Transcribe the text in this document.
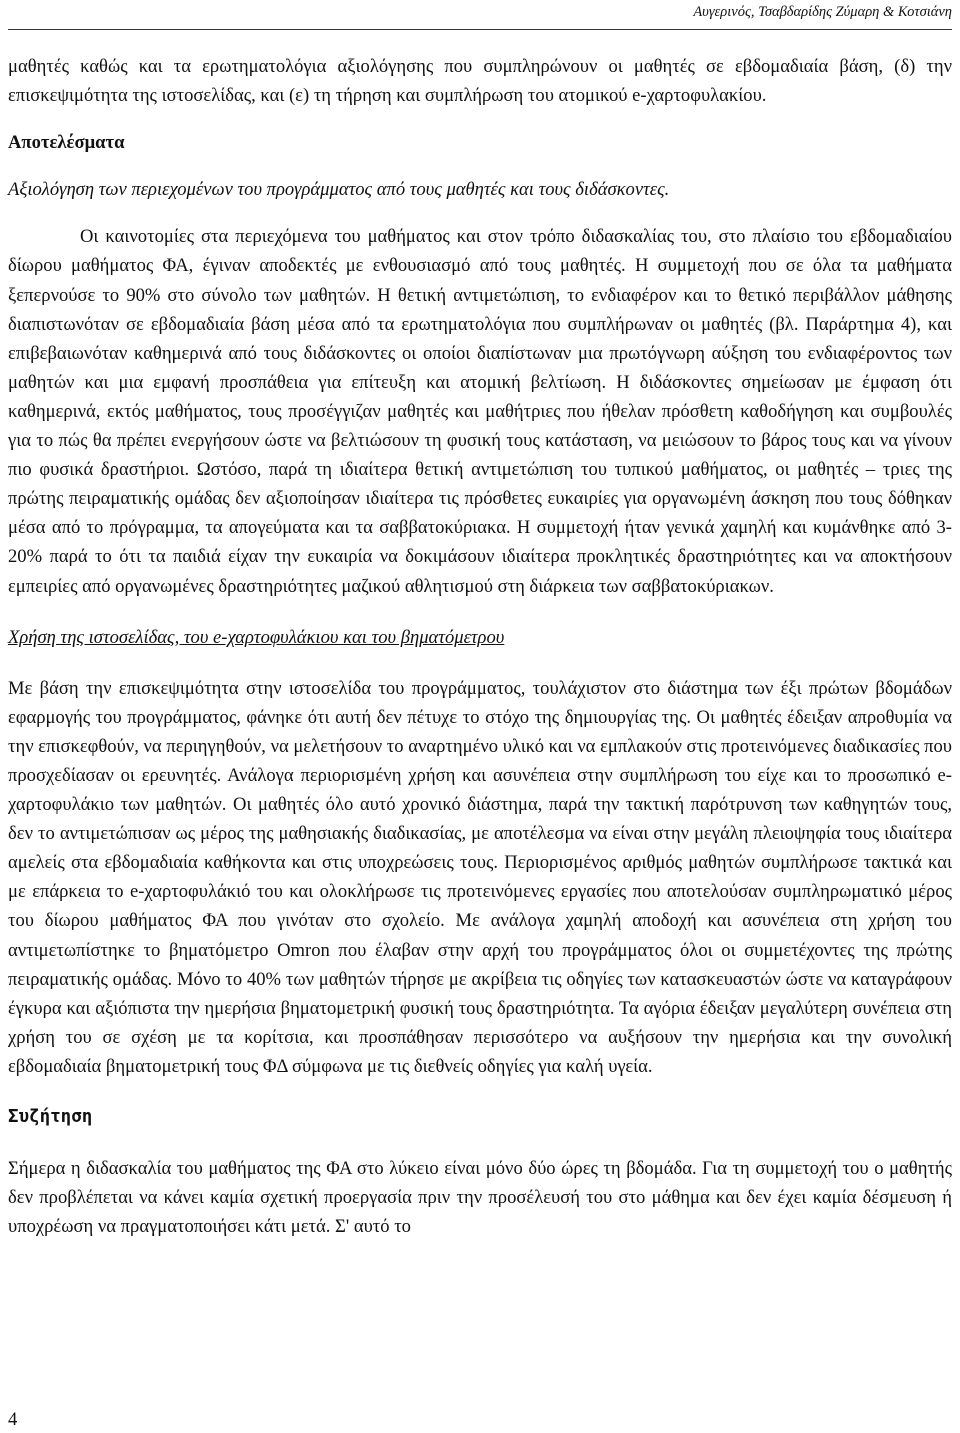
Αυγερινός, Τσαβδαρίδης Ζύμαρη & Κοτσιάνη

μαθητές καθώς και τα ερωτηματολόγια αξιολόγησης που συμπληρώνουν οι μαθητές σε εβδομαδιαία βάση, (δ) την επισκεψιμότητα της ιστοσελίδας, και (ε) τη τήρηση και συμπλήρωση του ατομικού e-χαρτοφυλακίου.

Αποτελέσματα

Αξιολόγηση των περιεχομένων του προγράμματος από τους μαθητές και τους διδάσκοντες.

Οι καινοτομίες στα περιεχόμενα του μαθήματος και στον τρόπο διδασκαλίας του, στο πλαίσιο του εβδομαδιαίου δίωρου μαθήματος ΦΑ, έγιναν αποδεκτές με ενθουσιασμό από τους μαθητές. Η συμμετοχή που σε όλα τα μαθήματα ξεπερνούσε το 90% στο σύνολο των μαθητών. Η θετική αντιμετώπιση, το ενδιαφέρον και το θετικό περιβάλλον μάθησης διαπιστωνόταν σε εβδομαδιαία βάση μέσα από τα ερωτηματολόγια που συμπλήρωναν οι μαθητές (βλ. Παράρτημα 4), και επιβεβαιωνόταν καθημερινά από τους διδάσκοντες οι οποίοι διαπίστωναν μια πρωτόγνωρη αύξηση του ενδιαφέροντος των μαθητών και μια εμφανή προσπάθεια για επίτευξη και ατομική βελτίωση. Η διδάσκοντες σημείωσαν με έμφαση ότι καθημερινά, εκτός μαθήματος, τους προσέγγιζαν μαθητές και μαθήτριες που ήθελαν πρόσθετη καθοδήγηση και συμβουλές για το πώς θα πρέπει ενεργήσουν ώστε να βελτιώσουν τη φυσική τους κατάσταση, να μειώσουν το βάρος τους και να γίνουν πιο φυσικά δραστήριοι. Ωστόσο, παρά τη ιδιαίτερα θετική αντιμετώπιση του τυπικού μαθήματος, οι μαθητές – τριες της πρώτης πειραματικής ομάδας δεν αξιοποίησαν ιδιαίτερα τις πρόσθετες ευκαιρίες για οργανωμένη άσκηση που τους δόθηκαν μέσα από το πρόγραμμα, τα απογεύματα και τα σαββατοκύριακα. Η συμμετοχή ήταν γενικά χαμηλή και κυμάνθηκε από 3-20% παρά το ότι τα παιδιά είχαν την ευκαιρία να δοκιμάσουν ιδιαίτερα προκλητικές δραστηριότητες και να αποκτήσουν εμπειρίες από οργανωμένες δραστηριότητες μαζικού αθλητισμού στη διάρκεια των σαββατοκύριακων.

Χρήση της ιστοσελίδας, του e-χαρτοφυλάκιου και του βηματόμετρου

Με βάση την επισκεψιμότητα στην ιστοσελίδα του προγράμματος, τουλάχιστον στο διάστημα των έξι πρώτων βδομάδων εφαρμογής του προγράμματος, φάνηκε ότι αυτή δεν πέτυχε το στόχο της δημιουργίας της. Οι μαθητές έδειξαν απροθυμία να την επισκεφθούν, να περιηγηθούν, να μελετήσουν το αναρτημένο υλικό και να εμπλακούν στις προτεινόμενες διαδικασίες που προσχεδίασαν οι ερευνητές. Ανάλογα περιορισμένη χρήση και ασυνέπεια στην συμπλήρωση του είχε και το προσωπικό e-χαρτοφυλάκιο των μαθητών. Οι μαθητές όλο αυτό χρονικό διάστημα, παρά την τακτική παρότρυνση των καθηγητών τους, δεν το αντιμετώπισαν ως μέρος της μαθησιακής διαδικασίας, με αποτέλεσμα να είναι στην μεγάλη πλειοψηφία τους ιδιαίτερα αμελείς στα εβδομαδιαία καθήκοντα και στις υποχρεώσεις τους. Περιορισμένος αριθμός μαθητών συμπλήρωσε τακτικά και με επάρκεια το e-χαρτοφυλάκιό του και ολοκλήρωσε τις προτεινόμενες εργασίες που αποτελούσαν συμπληρωματικό μέρος του δίωρου μαθήματος ΦΑ που γινόταν στο σχολείο. Με ανάλογα χαμηλή αποδοχή και ασυνέπεια στη χρήση του αντιμετωπίστηκε το βηματόμετρο Omron που έλαβαν στην αρχή του προγράμματος όλοι οι συμμετέχοντες της πρώτης πειραματικής ομάδας. Μόνο το 40% των μαθητών τήρησε με ακρίβεια τις οδηγίες των κατασκευαστών ώστε να καταγράφουν έγκυρα και αξιόπιστα την ημερήσια βηματομετρική φυσική τους δραστηριότητα. Τα αγόρια έδειξαν μεγαλύτερη συνέπεια στη χρήση του σε σχέση με τα κορίτσια, και προσπάθησαν περισσότερο να αυξήσουν την ημερήσια και την συνολική εβδομαδιαία βηματομετρική τους ΦΔ σύμφωνα με τις διεθνείς οδηγίες για καλή υγεία.

Συζήτηση

Σήμερα η διδασκαλία του μαθήματος της ΦΑ στο λύκειο είναι μόνο δύο ώρες τη βδομάδα. Για τη συμμετοχή του ο μαθητής δεν προβλέπεται να κάνει καμία σχετική προεργασία πριν την προσέλευσή του στο μάθημα και δεν έχει καμία δέσμευση ή υποχρέωση να πραγματοποιήσει κάτι μετά. Σ' αυτό το

4
